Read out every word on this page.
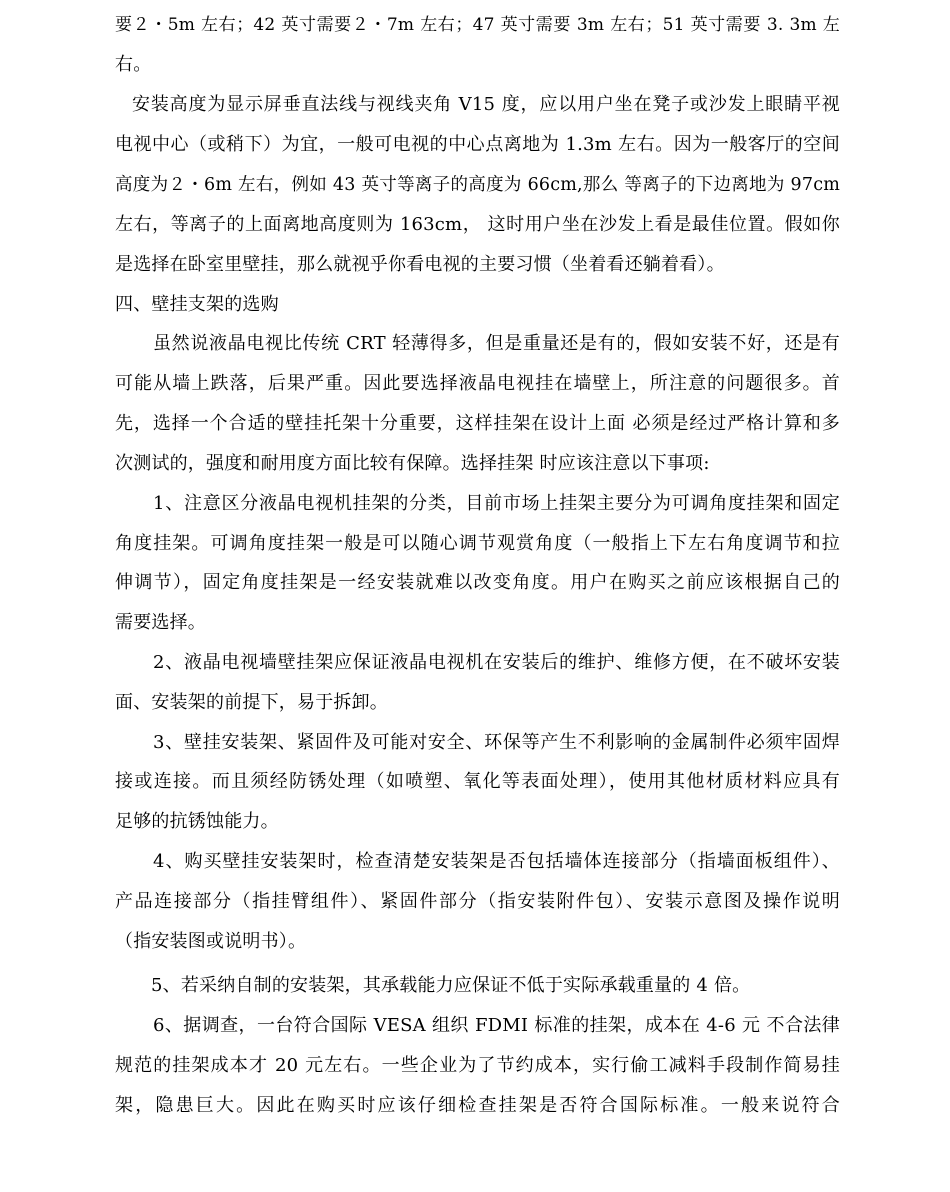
要２・5m 左右；42 英寸需要２・7m 左右；47 英寸需要 3m 左右；51 英寸需要 3. 3m 左
右。
安装高度为显示屏垂直法线与视线夹角 V15 度，应以用户坐在凳子或沙发上眼睛平视
电视中心（或稍下）为宜，一般可电视的中心点离地为 1.3m 左右。因为一般客厅的空间
高度为２・6m 左右，例如 43 英寸等离子的高度为 66cm,那么 等离子的下边离地为 97cm
左右，等离子的上面离地高度则为 163cm， 这时用户坐在沙发上看是最佳位置。假如你
是选择在卧室里壁挂，那么就视乎你看电视的主要习惯（坐着看还躺着看）。
四、壁挂支架的选购
虽然说液晶电视比传统 CRT 轻薄得多，但是重量还是有的，假如安装不好，还是有
可能从墙上跌落，后果严重。因此要选择液晶电视挂在墙壁上，所注意的问题很多。首
先，选择一个合适的壁挂托架十分重要，这样挂架在设计上面 必须是经过严格计算和多
次测试的，强度和耐用度方面比较有保障。选择挂架 时应该注意以下事项:
1、注意区分液晶电视机挂架的分类，目前市场上挂架主要分为可调角度挂架和固定
角度挂架。可调角度挂架一般是可以随心调节观赏角度（一般指上下左右角度调节和拉
伸调节），固定角度挂架是一经安装就难以改变角度。用户在购买之前应该根据自己的
需要选择。
2、液晶电视墙壁挂架应保证液晶电视机在安装后的维护、维修方便，在不破坏安装
面、安装架的前提下，易于拆卸。
3、壁挂安装架、紧固件及可能对安全、环保等产生不利影响的金属制件必须牢固焊
接或连接。而且须经防锈处理（如喷塑、氧化等表面处理），使用其他材质材料应具有
足够的抗锈蚀能力。
4、购买壁挂安装架时，检查清楚安装架是否包括墙体连接部分（指墙面板组件）、
产品连接部分（指挂臂组件）、紧固件部分（指安装附件包）、安装示意图及操作说明
（指安装图或说明书）。
5、若采纳自制的安装架，其承载能力应保证不低于实际承载重量的 4 倍。
6、据调查，一台符合国际 VESA 组织 FDMI 标准的挂架，成本在 4-6 元 不合法律
规范的挂架成本才 20 元左右。一些企业为了节约成本，实行偷工减料手段制作简易挂
架，隐患巨大。因此在购买时应该仔细检查挂架是否符合国际标准。一般来说符合
